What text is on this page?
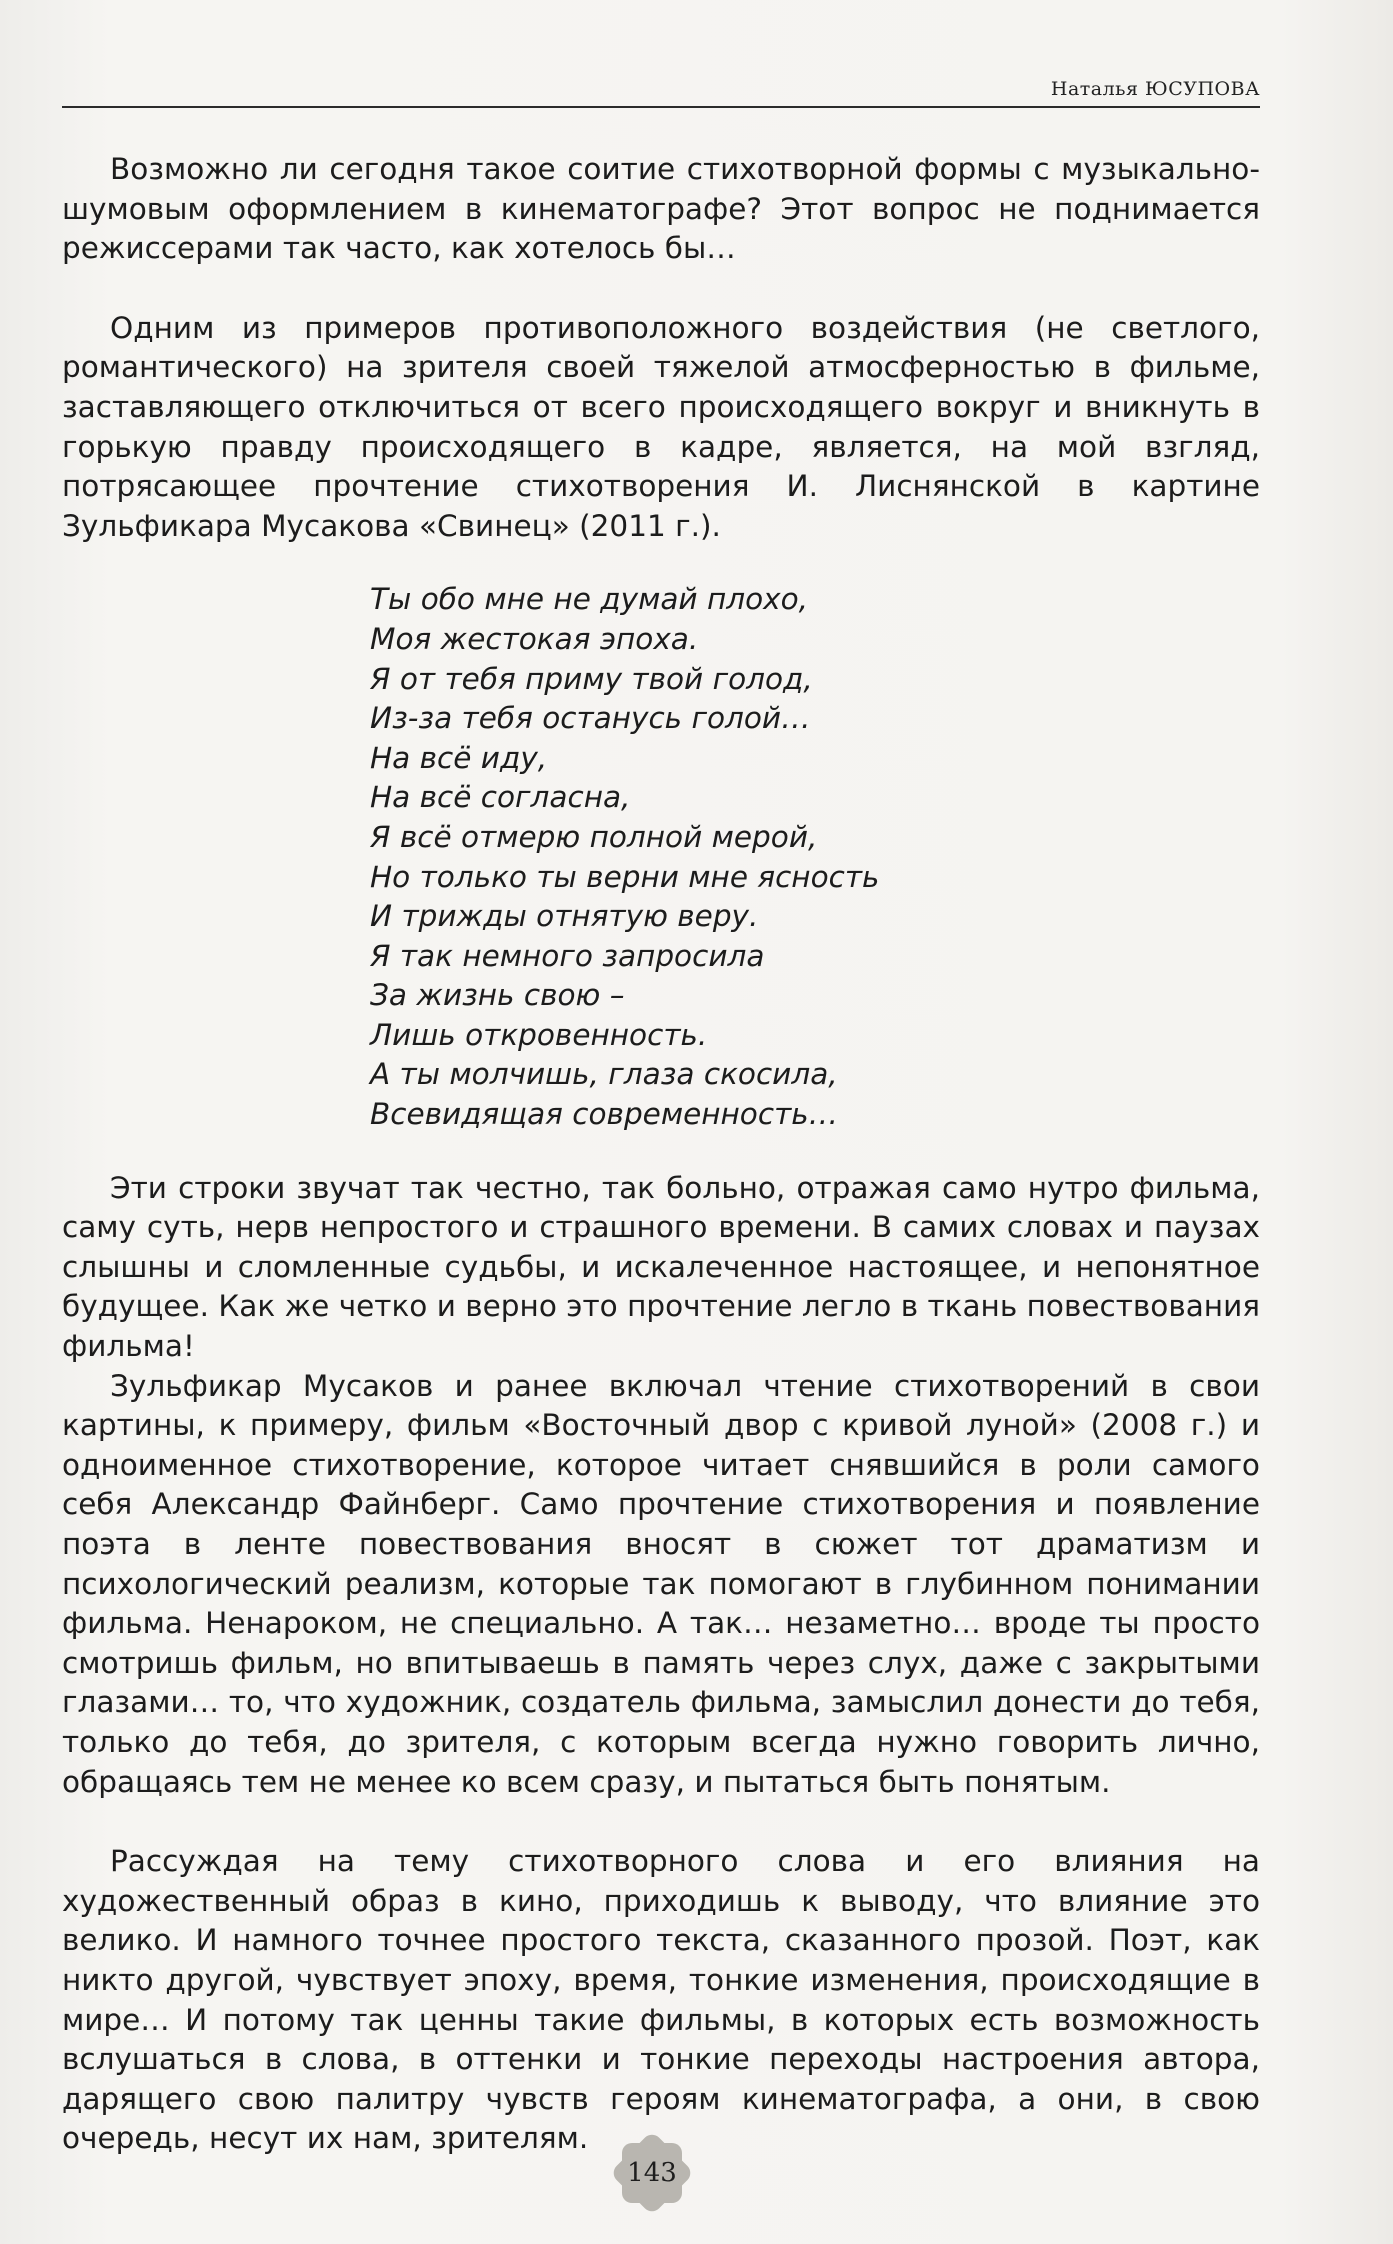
Наталья ЮСУПОВА

Возможно ли сегодня такое соитие стихотворной формы с музыкально-шумовым оформлением в кинематографе? Этот вопрос не поднимается режиссерами так часто, как хотелось бы…

Одним из примеров противоположного воздействия (не светлого, романтического) на зрителя своей тяжелой атмосферностью в фильме, заставляющего отключиться от всего происходящего вокруг и вникнуть в горькую правду происходящего в кадре, является, на мой взгляд, потрясающее прочтение стихотворения И. Лиснянской в картине Зульфикара Мусакова «Свинец» (2011 г.).

Ты обо мне не думай плохо,
Моя жестокая эпоха.
Я от тебя приму твой голод,
Из-за тебя останусь голой…
На всё иду,
На всё согласна,
Я всё отмерю полной мерой,
Но только ты верни мне ясность
И трижды отнятую веру.
Я так немного запросила
За жизнь свою –
Лишь откровенность.
А ты молчишь, глаза скосила,
Всевидящая современность…

Эти строки звучат так честно, так больно, отражая само нутро фильма, саму суть, нерв непростого и страшного времени. В самих словах и паузах слышны и сломленные судьбы, и искалеченное настоящее, и непонятное будущее. Как же четко и верно это прочтение легло в ткань повествования фильма!

Зульфикар Мусаков и ранее включал чтение стихотворений в свои картины, к примеру, фильм «Восточный двор с кривой луной» (2008 г.) и одноименное стихотворение, которое читает снявшийся в роли самого себя Александр Файнберг. Само прочтение стихотворения и появление поэта в ленте повествования вносят в сюжет тот драматизм и психологический реализм, которые так помогают в глубинном понимании фильма. Ненароком, не специально. А так… незаметно… вроде ты просто смотришь фильм, но впитываешь в память через слух, даже с закрытыми глазами… то, что художник, создатель фильма, замыслил донести до тебя, только до тебя, до зрителя, с которым всегда нужно говорить лично, обращаясь тем не менее ко всем сразу, и пытаться быть понятым.

Рассуждая на тему стихотворного слова и его влияния на художественный образ в кино, приходишь к выводу, что влияние это велико. И намного точнее простого текста, сказанного прозой. Поэт, как никто другой, чувствует эпоху, время, тонкие изменения, происходящие в мире… И потому так ценны такие фильмы, в которых есть возможность вслушаться в слова, в оттенки и тонкие переходы настроения автора, дарящего свою палитру чувств героям кинематографа, а они, в свою очередь, несут их нам, зрителям.

143
